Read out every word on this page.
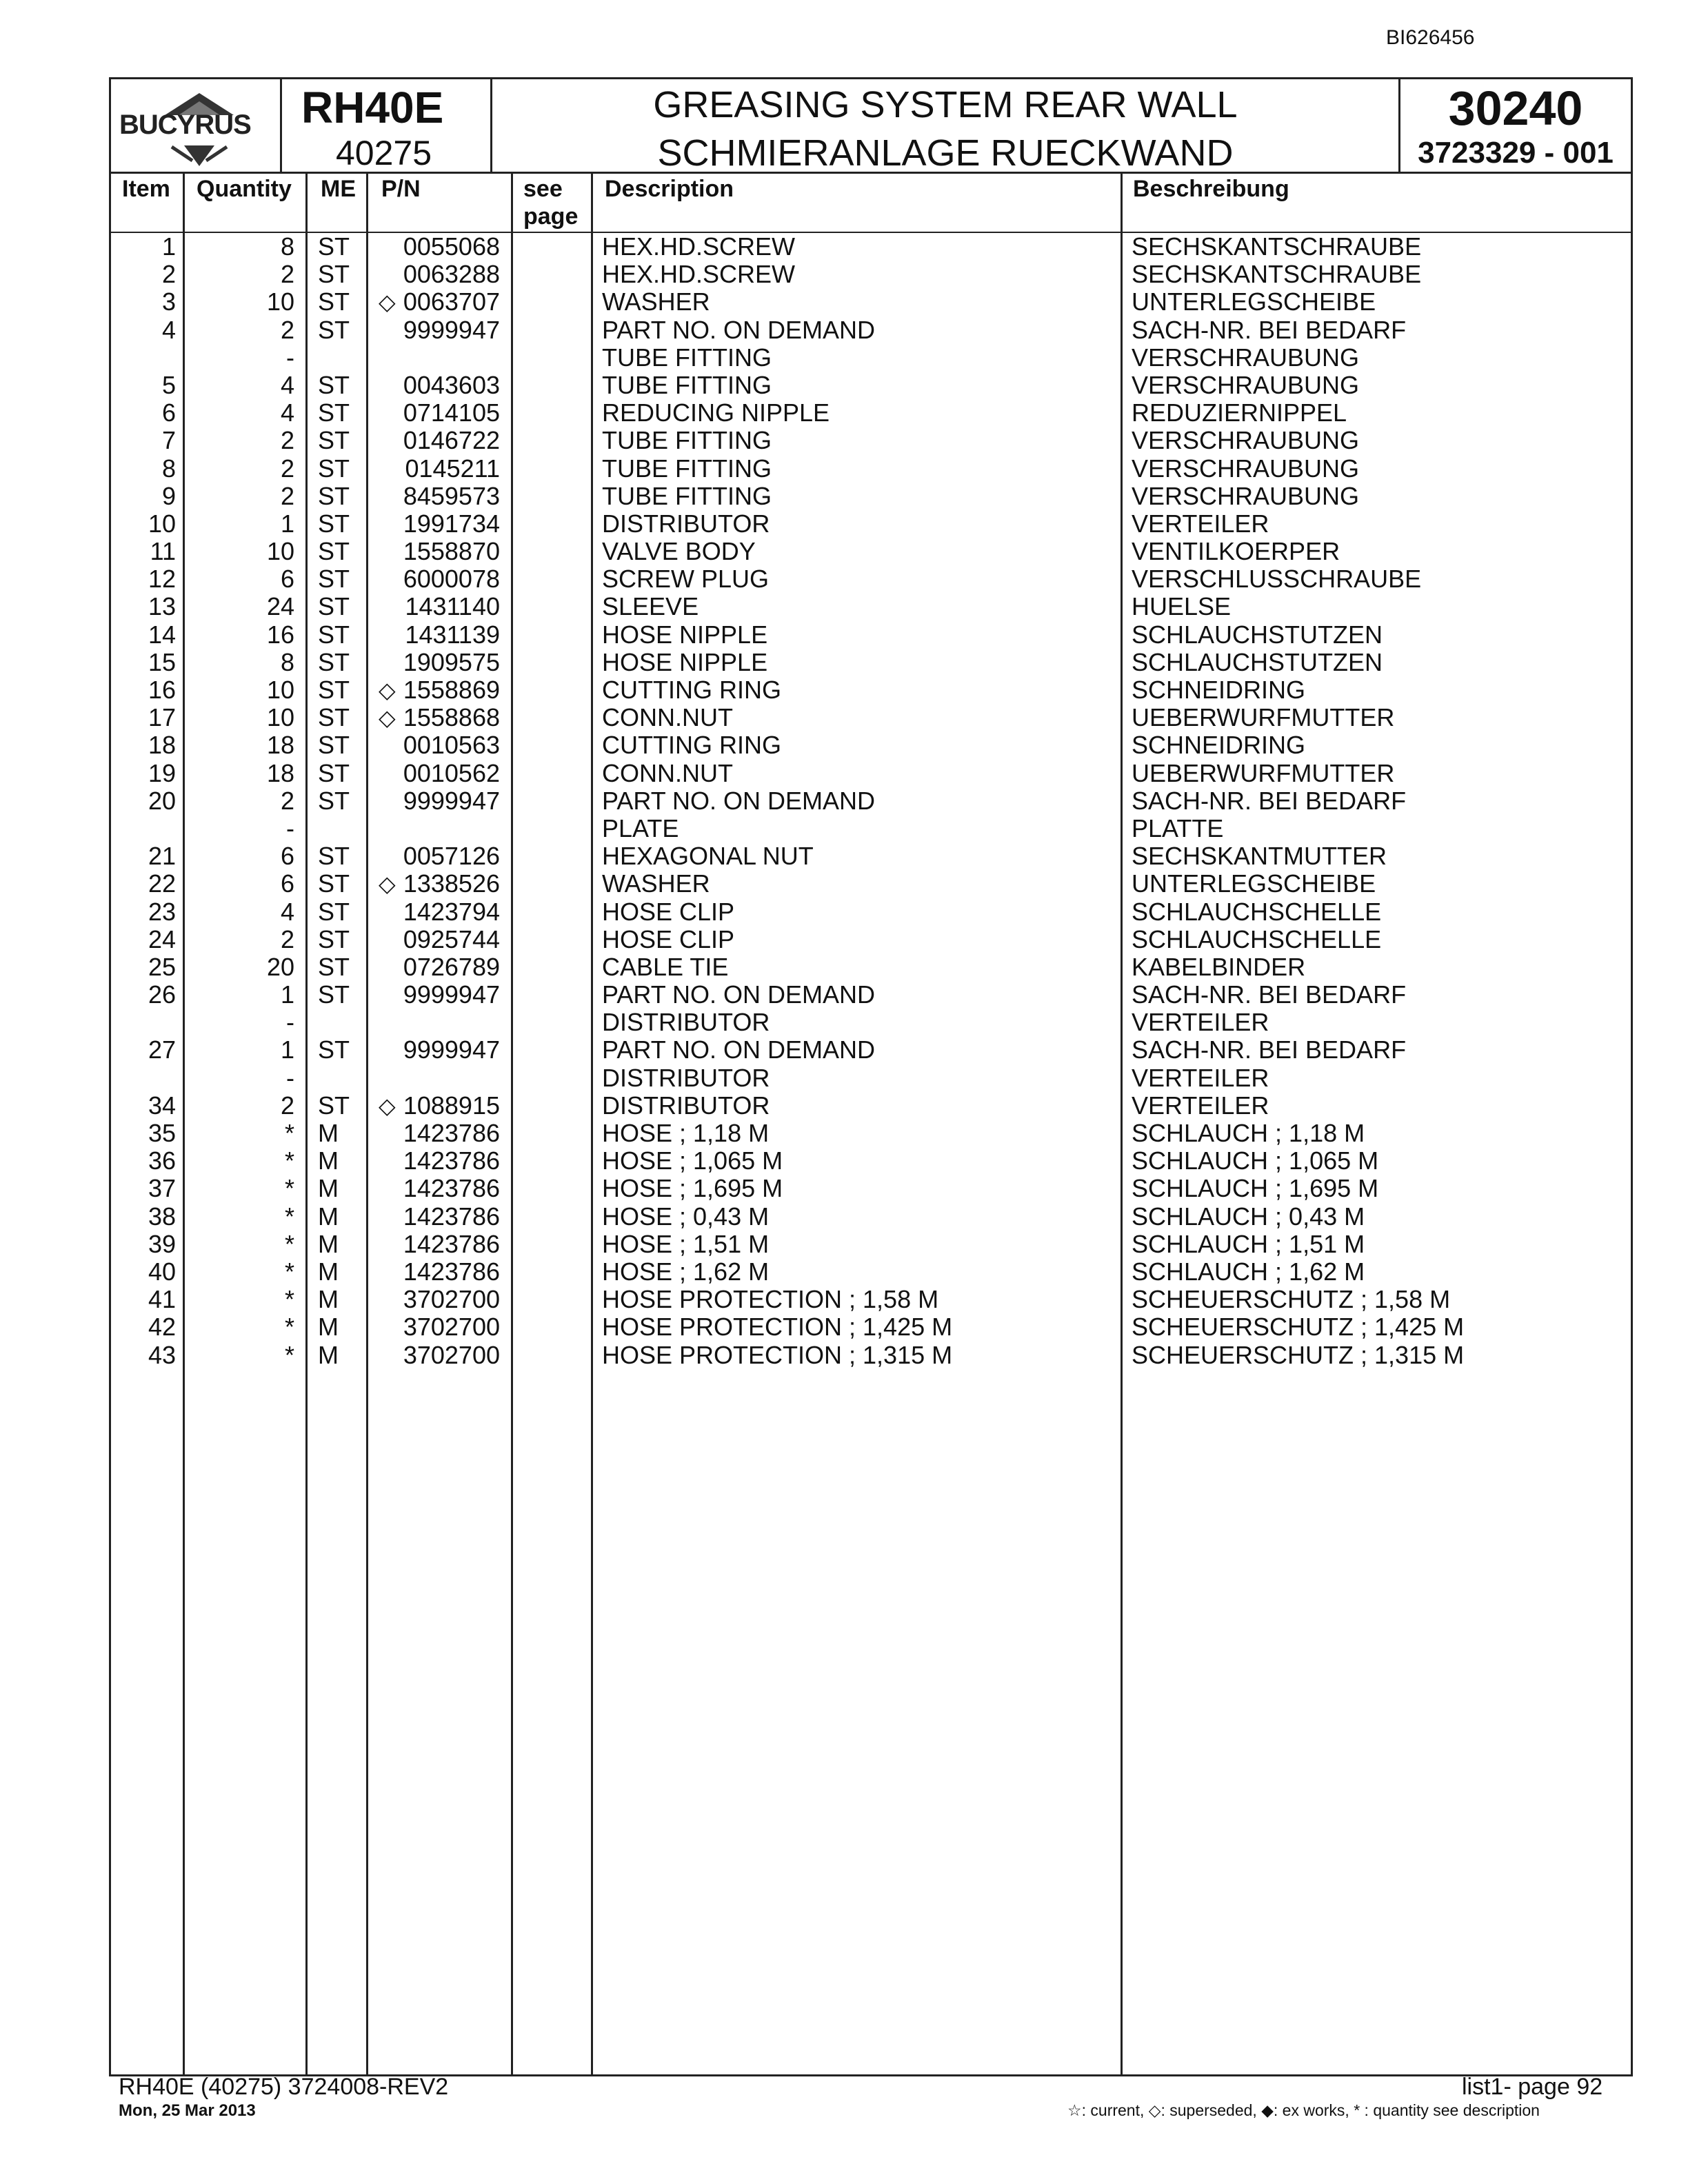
BI626456
BUCYRUS RH40E
40275
GREASING SYSTEM REAR WALL
SCHMIERANLAGE RUECKWAND
30240
3723329 - 001
Item Quantity ME P/N	see
page
Description	Beschreibung
1	8 ST	0055068	HEX.HD.SCREW	SECHSKANTSCHRAUBE
2	2 ST	0063288	HEX.HD.SCREW	SECHSKANTSCHRAUBE
3	10 ST ◇ 0063707	WASHER	UNTERLEGSCHEIBE
4	2 ST	9999947	PART NO. ON DEMAND	SACH-NR. BEI BEDARF
-	TUBE FITTING	VERSCHRAUBUNG
5	4 ST	0043603	TUBE FITTING	VERSCHRAUBUNG
6	4 ST	0714105	REDUCING NIPPLE	REDUZIERNIPPEL
7	2 ST	0146722	TUBE FITTING	VERSCHRAUBUNG
8	2 ST	0145211	TUBE FITTING	VERSCHRAUBUNG
9	2 ST	8459573	TUBE FITTING	VERSCHRAUBUNG
10	1 ST	1991734	DISTRIBUTOR	VERTEILER
11	10 ST	1558870	VALVE BODY	VENTILKOERPER
12	6 ST	6000078	SCREW PLUG	VERSCHLUSSCHRAUBE
13	24 ST	1431140	SLEEVE	HUELSE
14	16 ST	1431139	HOSE NIPPLE	SCHLAUCHSTUTZEN
15	8 ST	1909575	HOSE NIPPLE	SCHLAUCHSTUTZEN
16	10 ST ◇ 1558869	CUTTING RING	SCHNEIDRING
17	10 ST ◇ 1558868	CONN.NUT	UEBERWURFMUTTER
18	18 ST	0010563	CUTTING RING	SCHNEIDRING
19	18 ST	0010562	CONN.NUT	UEBERWURFMUTTER
20	2 ST	9999947	PART NO. ON DEMAND	SACH-NR. BEI BEDARF
-	PLATE	PLATTE
21	6 ST	0057126	HEXAGONAL NUT	SECHSKANTMUTTER
22	6 ST ◇ 1338526	WASHER	UNTERLEGSCHEIBE
23	4 ST	1423794	HOSE CLIP	SCHLAUCHSCHELLE
24	2 ST	0925744	HOSE CLIP	SCHLAUCHSCHELLE
25	20 ST	0726789	CABLE TIE	KABELBINDER
26	1 ST	9999947	PART NO. ON DEMAND	SACH-NR. BEI BEDARF
-	DISTRIBUTOR	VERTEILER
27	1 ST	9999947	PART NO. ON DEMAND	SACH-NR. BEI BEDARF
-	DISTRIBUTOR	VERTEILER
34	2 ST ◇ 1088915	DISTRIBUTOR	VERTEILER
35	* M	1423786	HOSE ; 1,18 M	SCHLAUCH ; 1,18 M
36	* M	1423786	HOSE ; 1,065 M	SCHLAUCH ; 1,065 M
37	* M	1423786	HOSE ; 1,695 M	SCHLAUCH ; 1,695 M
38	* M	1423786	HOSE ; 0,43 M	SCHLAUCH ; 0,43 M
39	* M	1423786	HOSE ; 1,51 M	SCHLAUCH ; 1,51 M
40	* M	1423786	HOSE ; 1,62 M	SCHLAUCH ; 1,62 M
41	* M	3702700	HOSE PROTECTION ; 1,58 M	SCHEUERSCHUTZ ; 1,58 M
42	* M	3702700	HOSE PROTECTION ; 1,425 M	SCHEUERSCHUTZ ; 1,425 M
43	* M	3702700	HOSE PROTECTION ; 1,315 M	SCHEUERSCHUTZ ; 1,315 M
RH40E (40275) 3724008-REV2
Mon, 25 Mar 2013
list1- page 92
☆: current, ◇: superseded, ◆: ex works, * : quantity see description
